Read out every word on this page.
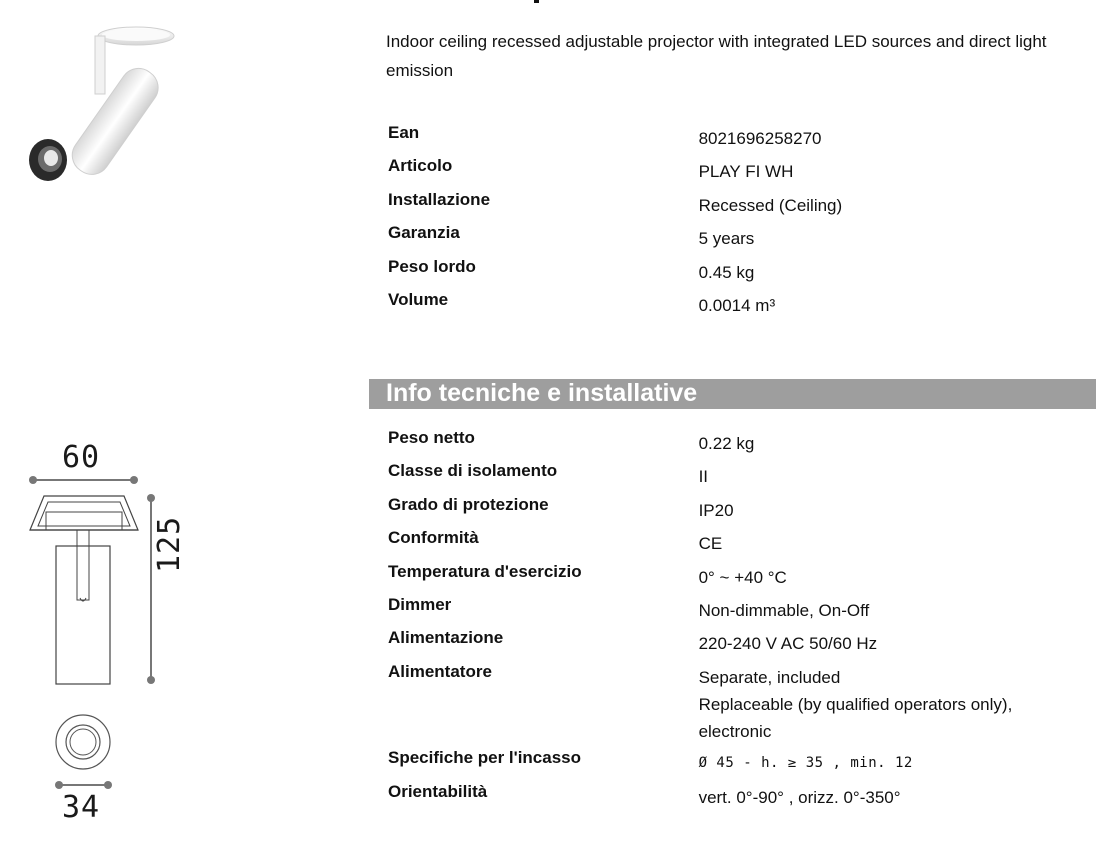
Indoor ceiling recessed adjustable projector with integrated LED sources and direct light emission

Ean	8021696258270
Articolo	PLAY FI WH
Installazione	Recessed (Ceiling)
Garanzia	5 years
Peso lordo	0.45 kg
Volume	0.0014 m³
Info tecniche e installative
Peso netto	0.22 kg
Classe di isolamento	II
Grado di protezione	IP20
Conformità	CE
Temperatura d'esercizio	0° ~ +40 °C
Dimmer	Non-dimmable, On-Off
Alimentazione	220-240 V AC 50/60 Hz
Alimentatore	Separate, included
Replaceable (by qualified operators only),
electronic
Specifiche per l'incasso	Ø 45 - h. ≥ 35 , min. 12
Orientabilità	vert. 0°-90° , orizz. 0°-350°
60
125
34
